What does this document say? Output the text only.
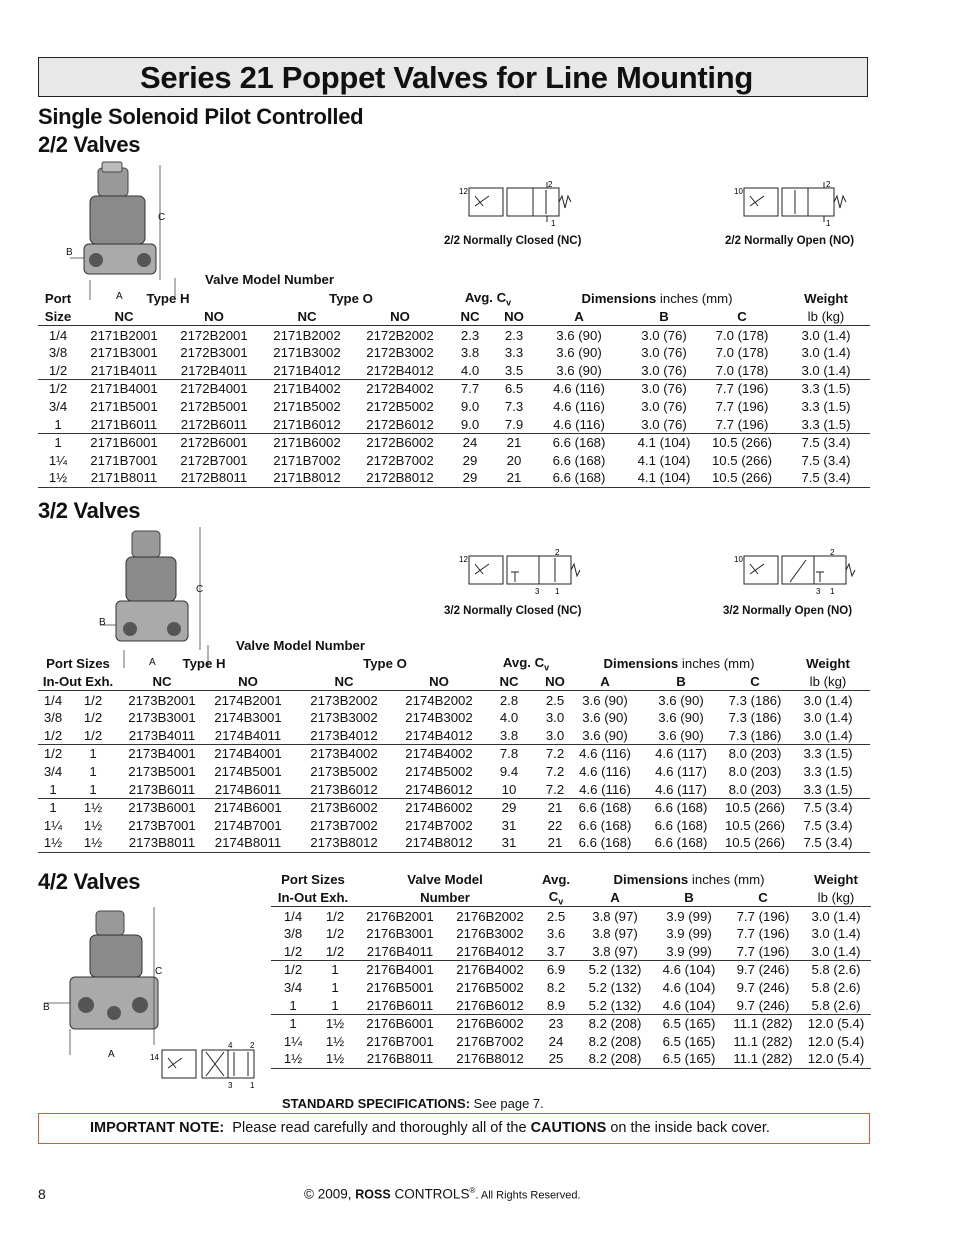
Series 21 Poppet Valves for Line Mounting
Single Solenoid Pilot Controlled
2/2 Valves
C
B
A
12
2
1
2/2 Normally Closed (NC)
10
2
1
2/2 Normally Open (NO)
Valve Model Number
Port	Type H		Type O		Avg. $C_v$		Dimensions inches (mm)			Weight
Size	NC	NO	NC	NO	NC	NO	A	B	C	lb (kg)
1/4	2171B2001	2172B2001	2171B2002	2172B2002	2.3	2.3	3.6 (90)	3.0 (76)	7.0 (178)	3.0 (1.4)
3/8	2171B3001	2172B3001	2171B3002	2172B3002	3.8	3.3	3.6 (90)	3.0 (76)	7.0 (178)	3.0 (1.4)
1/2	2171B4011	2172B4011	2171B4012	2172B4012	4.0	3.5	3.6 (90)	3.0 (76)	7.0 (178)	3.0 (1.4)
1/2	2171B4001	2172B4001	2171B4002	2172B4002	7.7	6.5	4.6 (116)	3.0 (76)	7.7 (196)	3.3 (1.5)
3/4	2171B5001	2172B5001	2171B5002	2172B5002	9.0	7.3	4.6 (116)	3.0 (76)	7.7 (196)	3.3 (1.5)
1	2171B6011	2172B6011	2171B6012	2172B6012	9.0	7.9	4.6 (116)	3.0 (76)	7.7 (196)	3.3 (1.5)
1	2171B6001	2172B6001	2171B6002	2172B6002	24	21	6.6 (168)	4.1 (104)	10.5 (266)	7.5 (3.4)
1¼	2171B7001	2172B7001	2171B7002	2172B7002	29	20	6.6 (168)	4.1 (104)	10.5 (266)	7.5 (3.4)
1½	2171B8011	2172B8011	2171B8012	2172B8012	29	21	6.6 (168)	4.1 (104)	10.5 (266)	7.5 (3.4)
3/2 Valves
C
B
A
12
2
3 1
3/2 Normally Closed (NC)
10
2
3 1
3/2 Normally Open (NO)
Valve Model Number
Port Sizes		Type H		Type O		Avg. $C_v$		Dimensions inches (mm)			Weight
In-Out Exh.		NC	NO	NC	NO	NC	NO	A	B	C	lb (kg)
1/4	1/2	2173B2001	2174B2001	2173B2002	2174B2002	2.8	2.5	3.6 (90)	3.6 (90)	7.3 (186)	3.0 (1.4)
3/8	1/2	2173B3001	2174B3001	2173B3002	2174B3002	4.0	3.0	3.6 (90)	3.6 (90)	7.3 (186)	3.0 (1.4)
1/2	1/2	2173B4011	2174B4011	2173B4012	2174B4012	3.8	3.0	3.6 (90)	3.6 (90)	7.3 (186)	3.0 (1.4)
1/2	1	2173B4001	2174B4001	2173B4002	2174B4002	7.8	7.2	4.6 (116)	4.6 (117)	8.0 (203)	3.3 (1.5)
3/4	1	2173B5001	2174B5001	2173B5002	2174B5002	9.4	7.2	4.6 (116)	4.6 (117)	8.0 (203)	3.3 (1.5)
1	1	2173B6011	2174B6011	2173B6012	2174B6012	10	7.2	4.6 (116)	4.6 (117)	8.0 (203)	3.3 (1.5)
1	1½	2173B6001	2174B6001	2173B6002	2174B6002	29	21	6.6 (168)	6.6 (168)	10.5 (266)	7.5 (3.4)
1¼	1½	2173B7001	2174B7001	2173B7002	2174B7002	31	22	6.6 (168)	6.6 (168)	10.5 (266)	7.5 (3.4)
1½	1½	2173B8011	2174B8011	2173B8012	2174B8012	31	21	6.6 (168)	6.6 (168)	10.5 (266)	7.5 (3.4)
4/2 Valves
C
B
A	14
4 2
3 1
Port Sizes		Valve Model		Avg.	Dimensions inches (mm)			Weight
In-Out Exh.		Number		$C_v$	A	B	C	lb (kg)
1/4	1/2	2176B2001	2176B2002	2.5	3.8 (97)	3.9 (99)	7.7 (196)	3.0 (1.4)
3/8	1/2	2176B3001	2176B3002	3.6	3.8 (97)	3.9 (99)	7.7 (196)	3.0 (1.4)
1/2	1/2	2176B4011	2176B4012	3.7	3.8 (97)	3.9 (99)	7.7 (196)	3.0 (1.4)
1/2	1	2176B4001	2176B4002	6.9	5.2 (132)	4.6 (104)	9.7 (246)	5.8 (2.6)
3/4	1	2176B5001	2176B5002	8.2	5.2 (132)	4.6 (104)	9.7 (246)	5.8 (2.6)
1	1	2176B6011	2176B6012	8.9	5.2 (132)	4.6 (104)	9.7 (246)	5.8 (2.6)
1	1½	2176B6001	2176B6002	23	8.2 (208)	6.5 (165)	11.1 (282)	12.0 (5.4)
1¼	1½	2176B7001	2176B7002	24	8.2 (208)	6.5 (165)	11.1 (282)	12.0 (5.4)
1½	1½	2176B8011	2176B8012	25	8.2 (208)	6.5 (165)	11.1 (282)	12.0 (5.4)
STANDARD SPECIFICATIONS: See page 7.
IMPORTANT NOTE:  Please read carefully and thoroughly all of the CAUTIONS on the inside back cover.
8	© 2009, ROSS CONTROLS®. All Rights Reserved.
